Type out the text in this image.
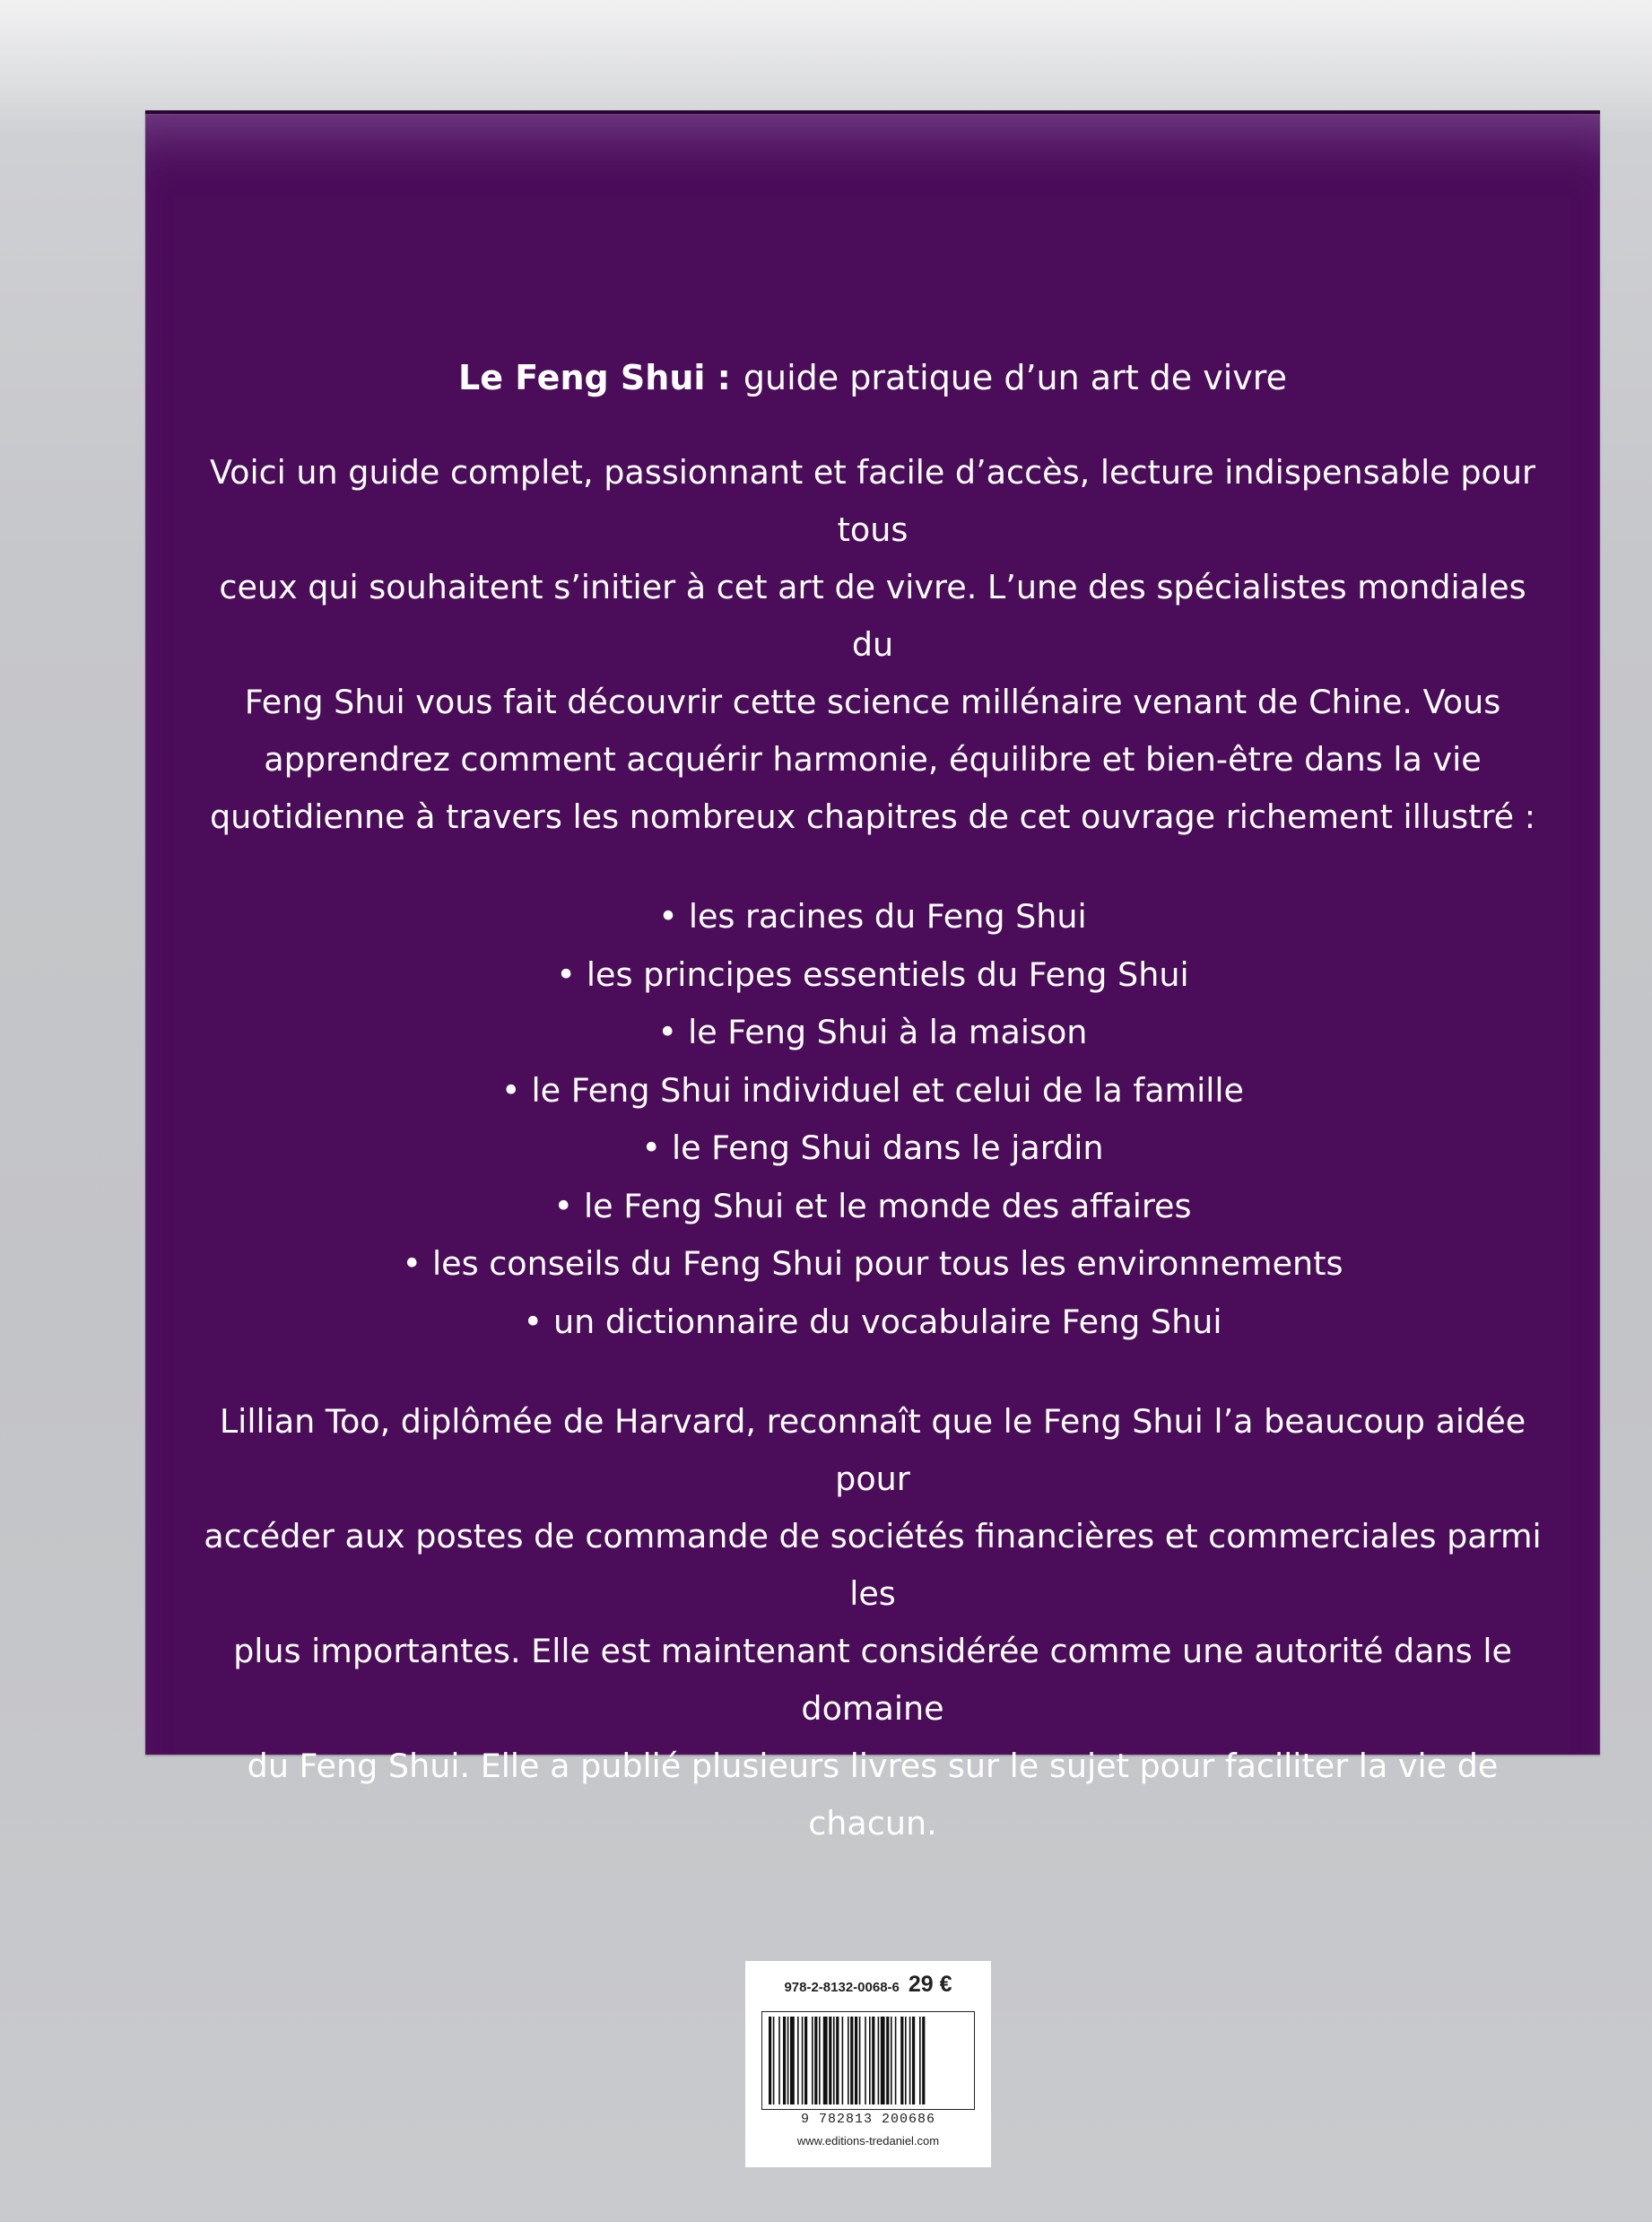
Le Feng Shui : guide pratique d’un art de vivre

Voici un guide complet, passionnant et facile d’accès, lecture indispensable pour tous
ceux qui souhaitent s’initier à cet art de vivre. L’une des spécialistes mondiales du
Feng Shui vous fait découvrir cette science millénaire venant de Chine. Vous
apprendrez comment acquérir harmonie, équilibre et bien-être dans la vie
quotidienne à travers les nombreux chapitres de cet ouvrage richement illustré :
• les racines du Feng Shui
• les principes essentiels du Feng Shui
• le Feng Shui à la maison
• le Feng Shui individuel et celui de la famille
• le Feng Shui dans le jardin
• le Feng Shui et le monde des affaires
• les conseils du Feng Shui pour tous les environnements
• un dictionnaire du vocabulaire Feng Shui
Lillian Too, diplômée de Harvard, reconnaît que le Feng Shui l’a beaucoup aidée pour
accéder aux postes de commande de sociétés financières et commerciales parmi les
plus importantes. Elle est maintenant considérée comme une autorité dans le domaine
du Feng Shui. Elle a publié plusieurs livres sur le sujet pour faciliter la vie de chacun.
978-2-8132-0068-6 29 €
9 782813 200686
www.editions-tredaniel.com
